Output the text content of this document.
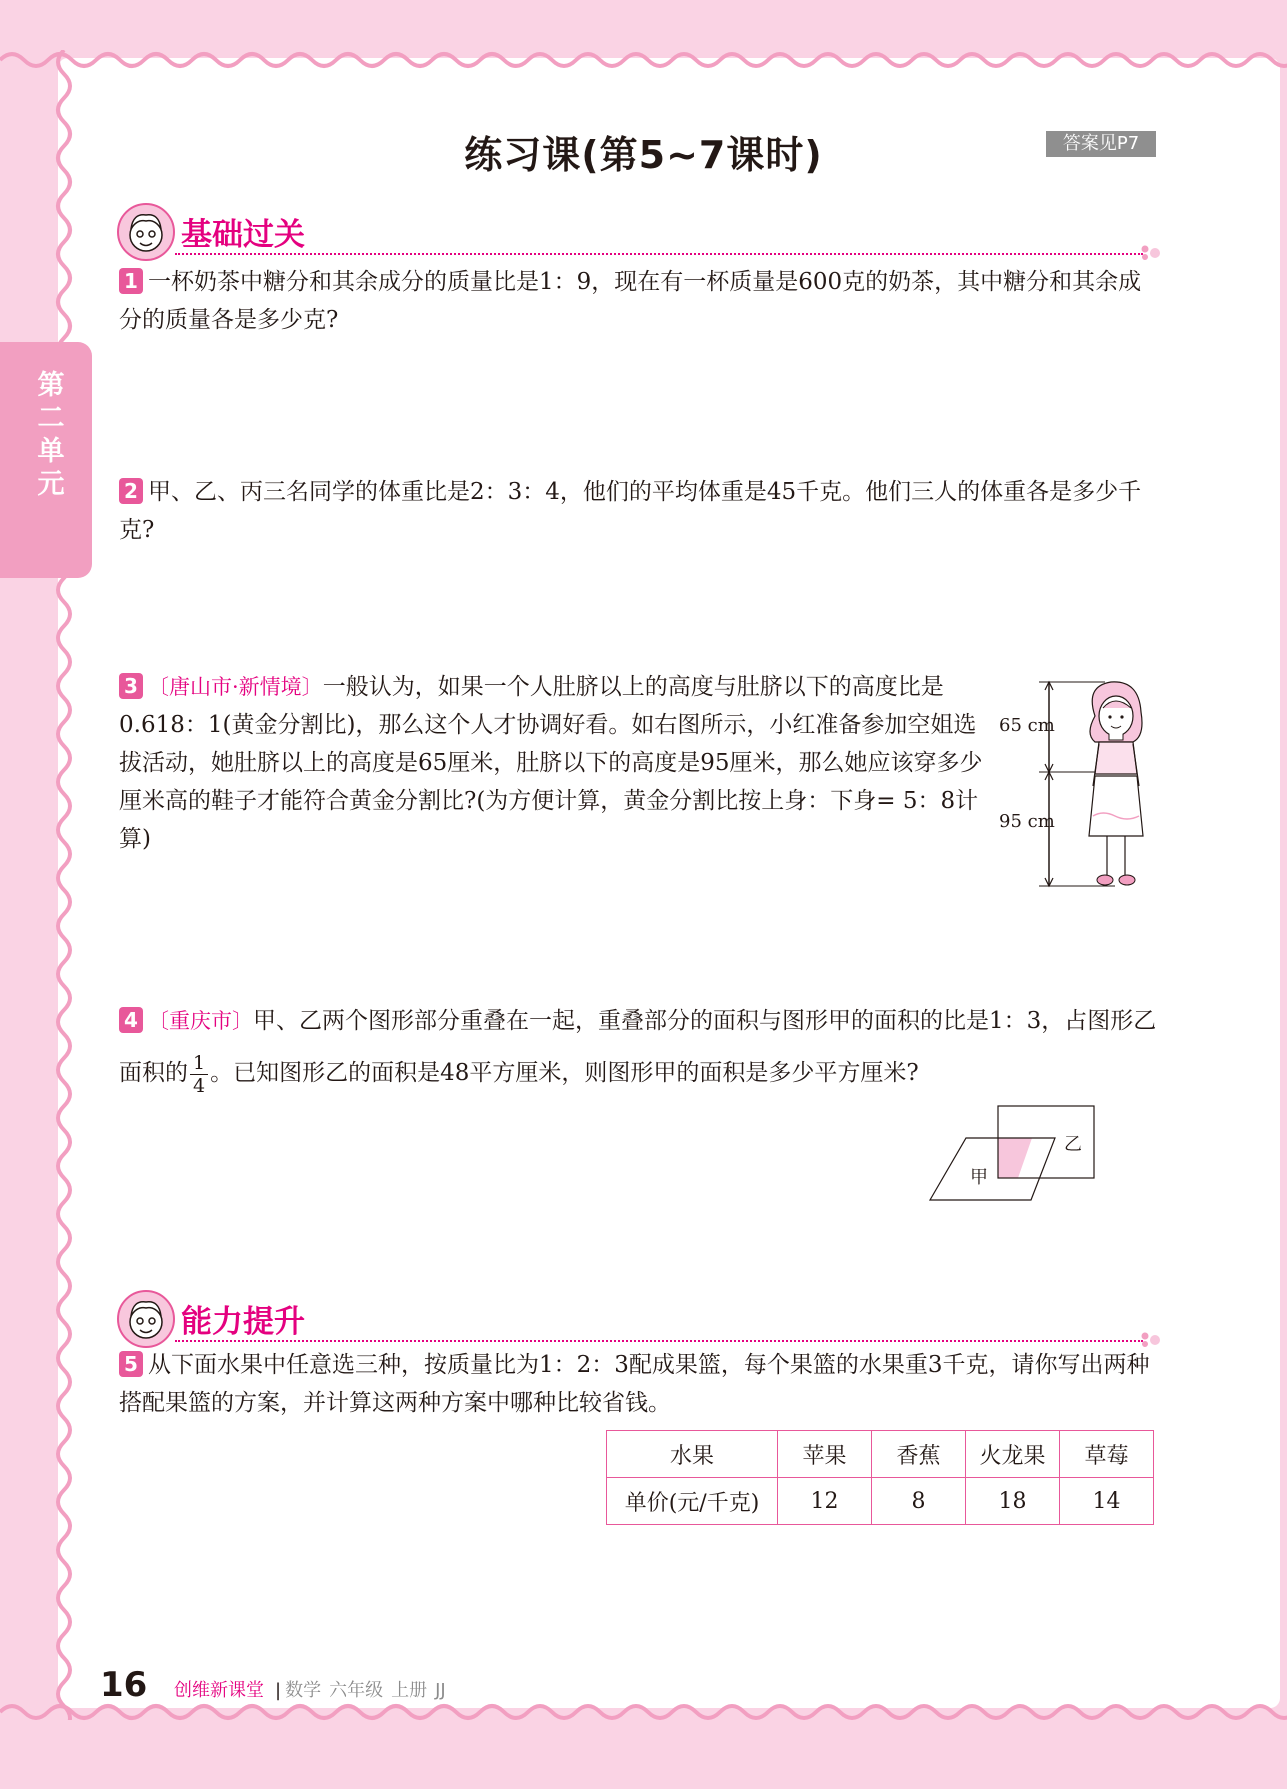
第二单元
练习课(第5~7课时)	答案见P7
基础过关
1 一杯奶茶中糖分和其余成分的质量比是1：9，现在有一杯质量是600克的奶茶，其中糖分和其余成分的质量各是多少克?
2 甲、乙、丙三名同学的体重比是2：3：4，他们的平均体重是45千克。他们三人的体重各是多少千克?
3 〔唐山市·新情境〕一般认为，如果一个人肚脐以上的高度与肚脐以下的高度比是0.618：1(黄金分割比)，那么这个人才协调好看。如右图所示，小红准备参加空姐选拔活动，她肚脐以上的高度是65厘米，肚脐以下的高度是95厘米，那么她应该穿多少厘米高的鞋子才能符合黄金分割比?(为方便计算，黄金分割比按上身：下身= 5：8计算)
65 cm
95 cm
4 〔重庆市〕甲、乙两个图形部分重叠在一起，重叠部分的面积与图形甲的面积的比是1：3，占图形乙面积的 $\frac{1}{4}$ 。已知图形乙的面积是48平方厘米，则图形甲的面积是多少平方厘米?
甲
乙
能力提升
5 从下面水果中任意选三种，按质量比为1：2：3配成果篮，每个果篮的水果重3千克，请你写出两种搭配果篮的方案，并计算这两种方案中哪种比较省钱。
水果	苹果	香蕉	火龙果	草莓
单价(元/千克)	12	8	18	14
16 创维新课堂 | 数学 六年级 上册 JJ
